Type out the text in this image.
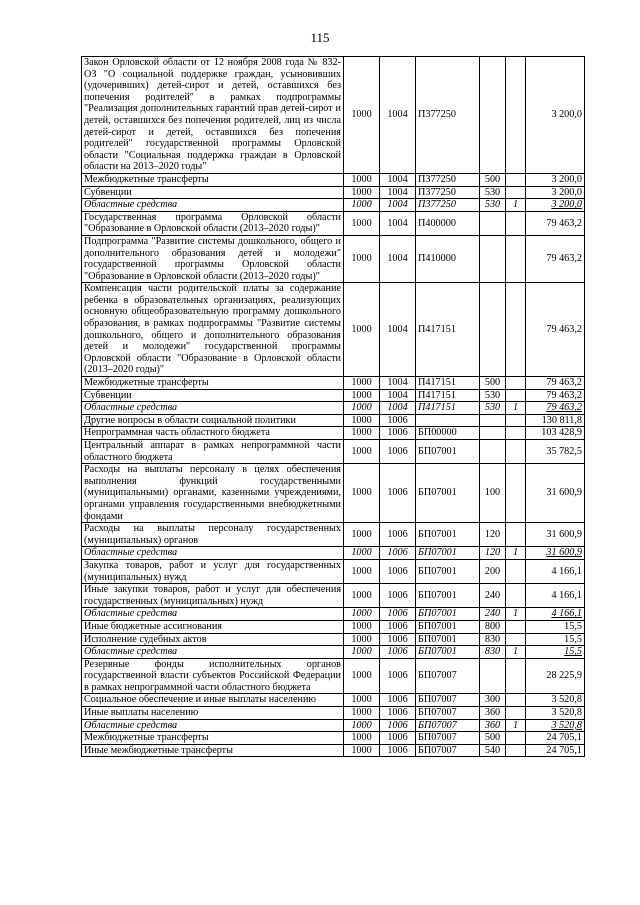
115
Закон Орловской области от 12 ноября 2008 года № 832-ОЗ "О социальной поддержке граждан, усыновивших (удочеривших) детей-сирот и детей, оставшихся без попечения родителей" в рамках подпрограммы "Реализация дополнительных гарантий прав детей-сирот и детей, оставшихся без попечения родителей, лиц из числа детей-сирот и детей, оставшихся без попечения родителей" государственной программы Орловской области "Социальная поддержка граждан в Орловской области на 2013–2020 годы"	1000	1004	П377250			3 200,0
Межбюджетные трансферты	1000	1004	П377250	500		3 200,0
Субвенции	1000	1004	П377250	530		3 200,0
Областные средства	1000	1004	П377250	530	1	3 200,0
Государственная программа Орловской области "Образование в Орловской области (2013–2020 годы)"	1000	1004	П400000			79 463,2
Подпрограмма "Развитие системы дошкольного, общего и дополнительного образования детей и молодежи" государственной программы Орловской области "Образование в Орловской области (2013–2020 годы)"	1000	1004	П410000			79 463,2
Компенсация части родительской платы за содержание ребенка в образовательных организациях, реализующих основную общеобразовательную программу дошкольного образования, в рамках подпрограммы "Развитие системы дошкольного, общего и дополнительного образования детей и молодежи" государственной программы Орловской области "Образование в Орловской области (2013–2020 годы)"	1000	1004	П417151			79 463,2
Межбюджетные трансферты	1000	1004	П417151	500		79 463,2
Субвенции	1000	1004	П417151	530		79 463,2
Областные средства	1000	1004	П417151	530	1	79 463,2
Другие вопросы в области социальной политики	1000	1006				130 811,8
Непрограммная часть областного бюджета	1000	1006	БП00000			103 428,9
Центральный аппарат в рамках непрограммной части областного бюджета	1000	1006	БП07001			35 782,5
Расходы на выплаты персоналу в целях обеспечения выполнения функций государственными (муниципальными) органами, казенными учреждениями, органами управления государственными внебюджетными фондами	1000	1006	БП07001	100		31 600,9
Расходы на выплаты персоналу государственных (муниципальных) органов	1000	1006	БП07001	120		31 600,9
Областные средства	1000	1006	БП07001	120	1	31 600,9
Закупка товаров, работ и услуг для государственных (муниципальных) нужд	1000	1006	БП07001	200		4 166,1
Иные закупки товаров, работ и услуг для обеспечения государственных (муниципальных) нужд	1000	1006	БП07001	240		4 166,1
Областные средства	1000	1006	БП07001	240	1	4 166,1
Иные бюджетные ассигнования	1000	1006	БП07001	800		15,5
Исполнение судебных актов	1000	1006	БП07001	830		15,5
Областные средства	1000	1006	БП07001	830	1	15,5
Резервные фонды исполнительных органов государственной власти субъектов Российской Федерации в рамках непрограммной части областного бюджета	1000	1006	БП07007			28 225,9
Социальное обеспечение и иные выплаты населению	1000	1006	БП07007	300		3 520,8
Иные выплаты населению	1000	1006	БП07007	360		3 520,8
Областные средства	1000	1006	БП07007	360	1	3 520,8
Межбюджетные трансферты	1000	1006	БП07007	500		24 705,1
Иные межбюджетные трансферты	1000	1006	БП07007	540		24 705,1
